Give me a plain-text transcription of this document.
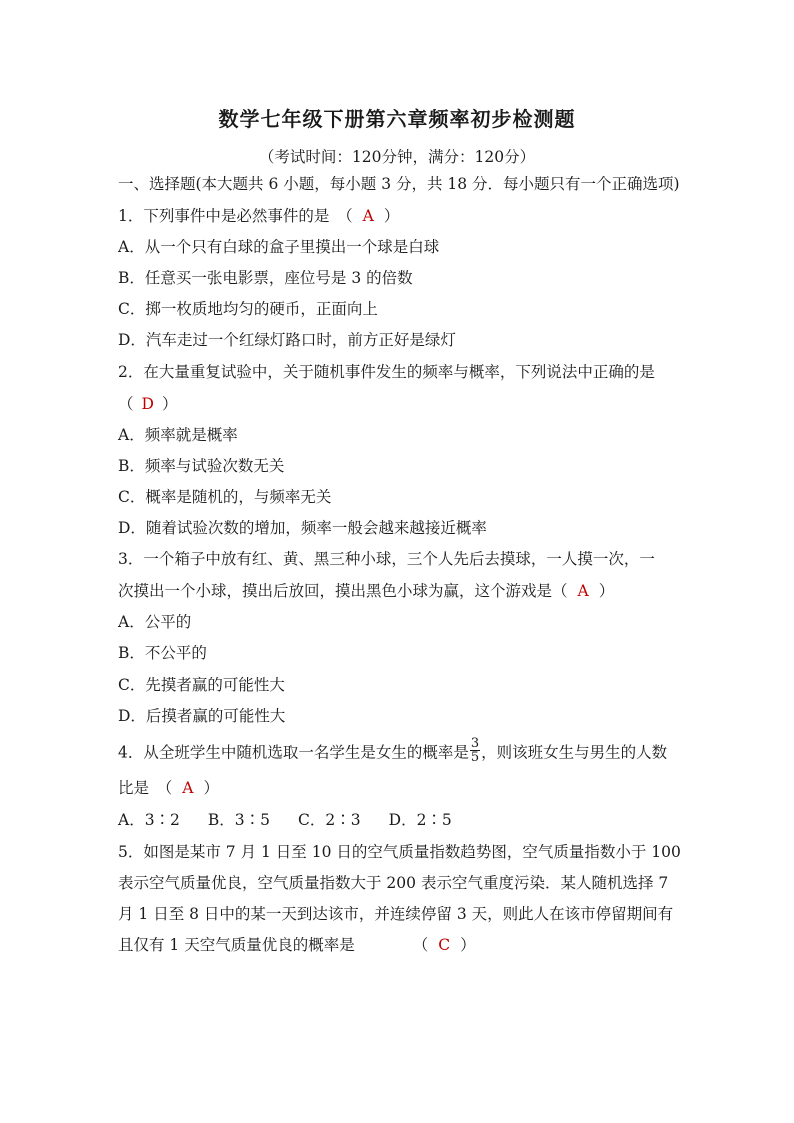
数学七年级下册第六章频率初步检测题
（考试时间：120分钟，满分：120分）
一、选择题(本大题共 6 小题，每小题 3 分，共 18 分．每小题只有一个正确选项)
1．下列事件中是必然事件的是　（ A ）
A．从一个只有白球的盒子里摸出一个球是白球
B．任意买一张电影票，座位号是 3 的倍数
C．掷一枚质地均匀的硬币，正面向上
D．汽车走过一个红绿灯路口时，前方正好是绿灯
2．在大量重复试验中，关于随机事件发生的频率与概率，下列说法中正确的是
（ D ）
A．频率就是概率
B．频率与试验次数无关
C．概率是随机的，与频率无关
D．随着试验次数的增加，频率一般会越来越接近概率
3．一个箱子中放有红、黄、黑三种小球，三个人先后去摸球，一人摸一次，一
次摸出一个小球，摸出后放回，摸出黑色小球为赢，这个游戏是（ A ）
A．公平的
B．不公平的
C．先摸者赢的可能性大
D．后摸者赢的可能性大
4．从全班学生中随机选取一名学生是女生的概率是 $\frac{3}{5}$ ，则该班女生与男生的人数
比是　（ A ）
A．3∶2 B．3∶5 C．2∶3 D．2∶5
5．如图是某市 7 月 1 日至 10 日的空气质量指数趋势图，空气质量指数小于 100
表示空气质量优良，空气质量指数大于 200 表示空气重度污染．某人随机选择 7
月 1 日至 8 日中的某一天到达该市，并连续停留 3 天，则此人在该市停留期间有
且仅有 1 天空气质量优良的概率是	（ C ）
